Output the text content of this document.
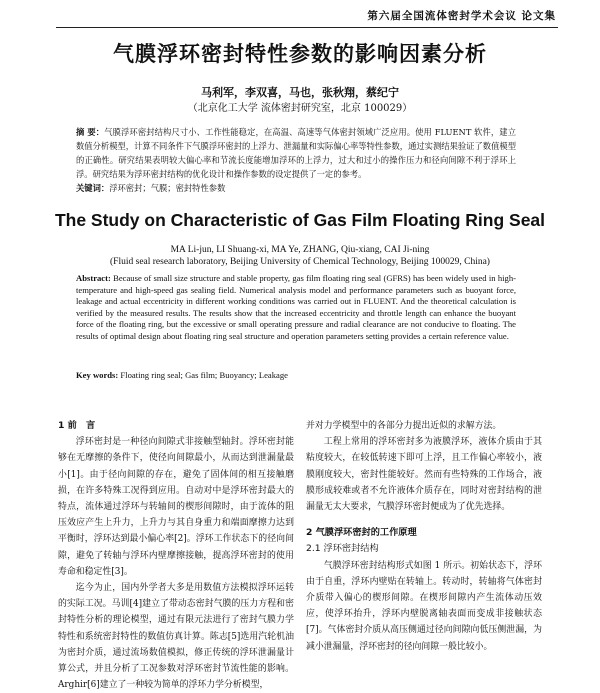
第六届全国流体密封学术会议 论文集
气膜浮环密封特性参数的影响因素分析
马利军，李双喜，马也，张秋翔，蔡纪宁
（北京化工大学 流体密封研究室，北京 100029）

摘 要：气膜浮环密封结构尺寸小、工作性能稳定，在高温、高速等气体密封领域广泛应用。使用 FLUENT 软件，建立数值分析模型，计算不同条件下气膜浮环密封的上浮力、泄漏量和实际偏心率等特性参数，通过实测结果验证了数值模型的正确性。研究结果表明较大偏心率和节流长度能增加浮环的上浮力，过大和过小的操作压力和径向间隙不利于浮环上浮。研究结果为浮环密封结构的优化设计和操作参数的设定提供了一定的参考。

关键词：浮环密封；气膜；密封特性参数

The Study on Characteristic of Gas Film Floating Ring Seal
MA Li-jun, LI Shuang-xi, MA Ye, ZHANG, Qiu-xiang, CAI Ji-ning
(Fluid seal research laboratory, Beijing University of Chemical Technology, Beijing 100029, China)

Abstract: Because of small size structure and stable property, gas film floating ring seal (GFRS) has been widely used in high-temperature and high-speed gas sealing field. Numerical analysis model and performance parameters such as buoyant force, leakage and actual eccentricity in different working conditions was carried out in FLUENT. And the theoretical calculation is verified by the measured results. The results show that the increased eccentricity and throttle length can enhance the buoyant force of the floating ring, but the excessive or small operating pressure and radial clearance are not conducive to floating. The results of optimal design about floating ring seal structure and operation parameters setting provides a certain reference value.

Key words: Floating ring seal; Gas film; Buoyancy; Leakage

1 前　言

浮环密封是一种径向间隙式非接触型轴封。浮环密封能够在无摩擦的条件下，使径向间隙最小，从而达到泄漏量最小[1]。由于径向间隙的存在，避免了固体间的相互接触磨损，在许多特殊工况得到应用。自动对中是浮环密封最大的特点，流体通过浮环与转轴间的楔形间隙时，由于流体的阻压效应产生上升力，上升力与其自身重力和端面摩擦力达到平衡时，浮环达到最小偏心率[2]。浮环工作状态下的径向间隙，避免了转轴与浮环内壁摩擦接触，提高浮环密封的使用寿命和稳定性[3]。

迄今为止，国内外学者大多是用数值方法模拟浮环运转的实际工况。马训[4]建立了带动态密封气膜的压力方程和密封特性分析的理论模型，通过有限元法进行了密封气膜力学特性和系统密封特性的数值仿真计算。陈志[5]选用汽轮机油为密封介质，通过流场数值模拟，修正传统的浮环泄漏量计算公式，并且分析了工况参数对浮环密封节流性能的影响。Arghir[6]建立了一种较为简单的浮环力学分析模型，

并对力学模型中的各部分力提出近似的求解方法。

工程上常用的浮环密封多为液膜浮环，液体介质由于其粘度较大，在较低转速下即可上浮，且工作偏心率较小，液膜刚度较大，密封性能较好。然而有些特殊的工作场合，液膜形成较难或者不允许液体介质存在，同时对密封结构的泄漏量无太大要求，气膜浮环密封便成为了优先选择。

2 气膜浮环密封的工作原理

2.1 浮环密封结构

气膜浮环密封结构形式如图 1 所示。初始状态下，浮环由于自重，浮环内壁贴在转轴上。转动时，转轴将气体密封介质带入偏心的楔形间隙。在楔形间隙内产生流体动压效应，使浮环抬升，浮环内壁脱离轴表面而变成非接触状态[7]。气体密封介质从高压侧通过径向间隙向低压侧泄漏，为减小泄漏量，浮环密封的径向间隙一般比较小。
